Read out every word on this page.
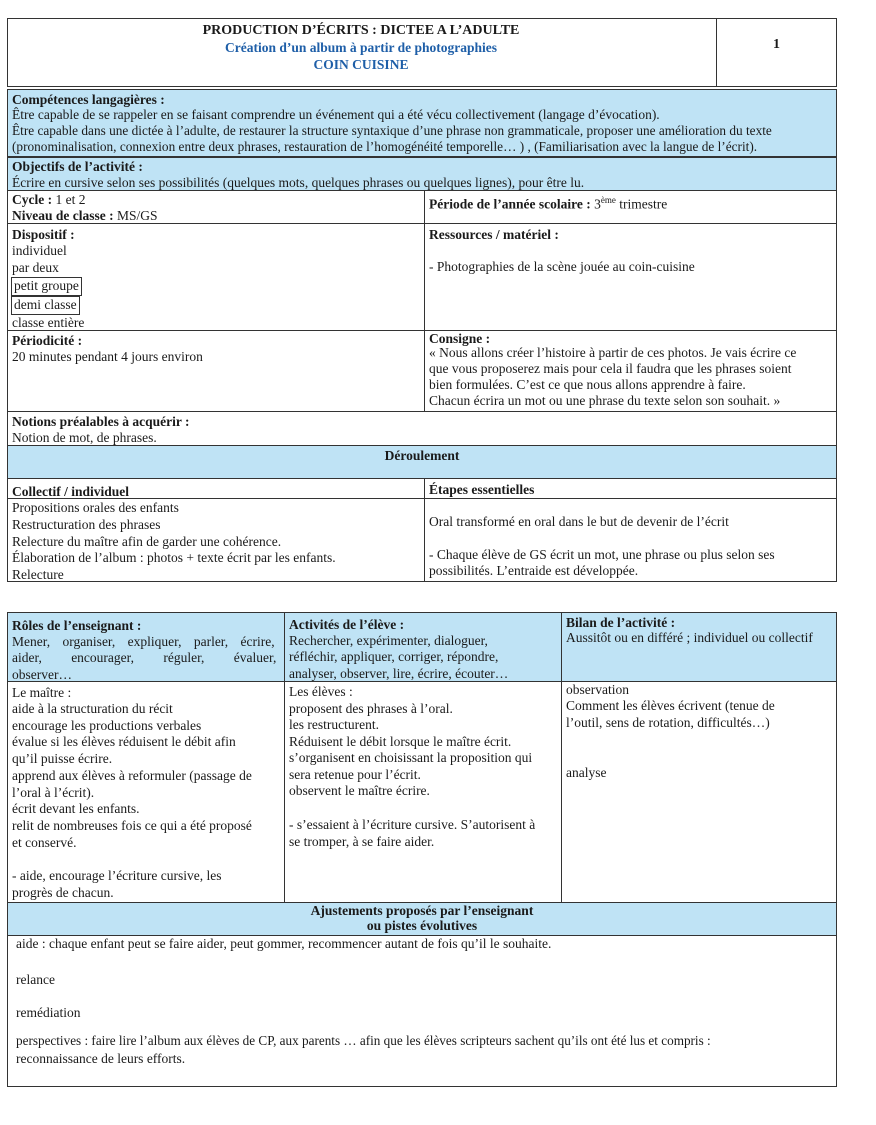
PRODUCTION D’ÉCRITS : DICTEE A L’ADULTE
Création d’un album à partir de photographies
COIN CUISINE
1
Compétences langagières :
Être capable de se rappeler en se faisant comprendre un événement qui a été vécu collectivement (langage d’évocation).
Être capable dans une dictée à l’adulte, de restaurer la structure syntaxique d’une phrase non grammaticale, proposer une amélioration du texte
(pronominalisation, connexion entre deux phrases, restauration de l’homogénéité temporelle… ) , (Familiarisation avec la langue de l’écrit).
Objectifs de l’activité :
Écrire en cursive selon ses possibilités (quelques mots, quelques phrases ou quelques lignes), pour être lu.
Cycle : 1 et 2
Niveau de classe : MS/GS
Période de l’année scolaire : 3ème trimestre
Dispositif :
individuel
par deux
petit groupe
demi classe
classe entière
Ressources / matériel :
- Photographies de la scène jouée au coin-cuisine
Périodicité :
20 minutes pendant 4 jours environ
Consigne :
« Nous allons créer l’histoire à partir de ces photos. Je vais écrire ce
que vous proposerez mais pour cela il faudra que les phrases soient
bien formulées. C’est ce que nous allons apprendre à faire.
Chacun écrira un mot ou une phrase du texte selon son souhait. »
Notions préalables à acquérir :
Notion de mot, de phrases.
Déroulement
Collectif / individuel
Propositions orales des enfants
Restructuration des phrases
Relecture du maître afin de garder une cohérence.
Élaboration de l’album : photos + texte écrit par les enfants.
Relecture
Étapes essentielles
Oral transformé en oral dans le but de devenir de l’écrit
- Chaque élève de GS écrit un mot, une phrase ou plus selon ses
possibilités. L’entraide est développée.
Rôles de l’enseignant :
Mener, organiser, expliquer, parler, écrire,
aider, encourager, réguler, évaluer,
observer…
Activités de l’élève :
Rechercher, expérimenter, dialoguer,
réfléchir, appliquer, corriger, répondre,
analyser, observer, lire, écrire, écouter…
Bilan de l’activité :
Aussitôt ou en différé ; individuel ou collectif
Le maître :
aide à la structuration du récit
encourage les productions verbales
évalue si les élèves réduisent le débit afin
qu’il puisse écrire.
apprend aux élèves à reformuler (passage de
l’oral à l’écrit).
écrit devant les enfants.
relit de nombreuses fois ce qui a été proposé
et conservé.
- aide, encourage l’écriture cursive, les
progrès de chacun.
Les élèves :
proposent des phrases à l’oral.
les restructurent.
Réduisent le débit lorsque le maître écrit.
s’organisent en choisissant la proposition qui
sera retenue pour l’écrit.
observent le maître écrire.
- s’essaient à l’écriture cursive. S’autorisent à
se tromper, à se faire aider.
observation
Comment les élèves écrivent (tenue de
l’outil, sens de rotation, difficultés…)
analyse
Ajustements proposés par l’enseignant
ou pistes évolutives
aide : chaque enfant peut se faire aider, peut gommer, recommencer autant de fois qu’il le souhaite.
relance
remédiation
perspectives : faire lire l’album aux élèves de CP, aux parents … afin que les élèves scripteurs sachent qu’ils ont été lus et compris :
reconnaissance de leurs efforts.
